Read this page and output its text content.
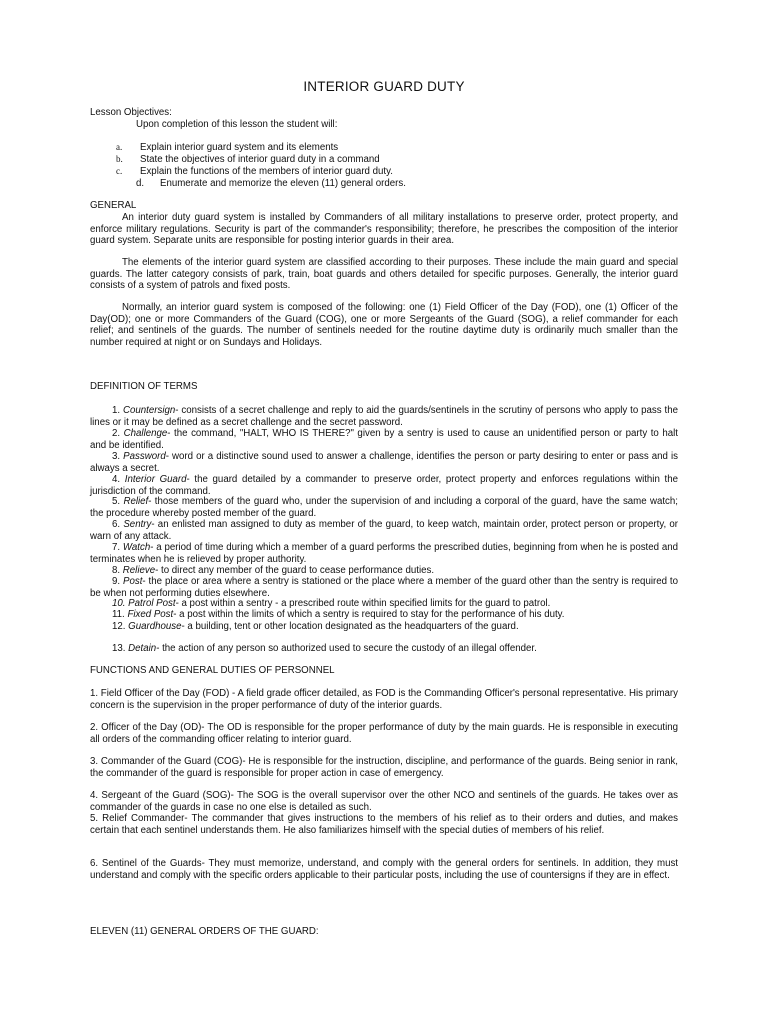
INTERIOR GUARD DUTY
Lesson Objectives:
Upon completion of this lesson the student will:
a. Explain interior guard system and its elements
b. State the objectives of interior guard duty in a command
c. Explain the functions of the members of interior guard duty.
d. Enumerate and memorize the eleven (11) general orders.
GENERAL

An interior duty guard system is installed by Commanders of all military installations to preserve order, protect property, and enforce military regulations. Security is part of the commander's responsibility; therefore, he prescribes the composition of the interior guard system. Separate units are responsible for posting interior guards in their area.

The elements of the interior guard system are classified according to their purposes. These include the main guard and special guards. The latter category consists of park, train, boat guards and others detailed for specific purposes. Generally, the interior guard consists of a system of patrols and fixed posts.

Normally, an interior guard system is composed of the following: one (1) Field Officer of the Day (FOD), one (1) Officer of the Day(OD); one or more Commanders of the Guard (COG), one or more Sergeants of the Guard (SOG), a relief commander for each relief; and sentinels of the guards. The number of sentinels needed for the routine daytime duty is ordinarily much smaller than the number required at night or on Sundays and Holidays.

DEFINITION OF TERMS

1. Countersign- consists of a secret challenge and reply to aid the guards/sentinels in the scrutiny of persons who apply to pass the lines or it may be defined as a secret challenge and the secret password.

2. Challenge- the command, "HALT, WHO IS THERE?" given by a sentry is used to cause an unidentified person or party to halt and be identified.

3. Password- word or a distinctive sound used to answer a challenge, identifies the person or party desiring to enter or pass and is always a secret.

4. Interior Guard- the guard detailed by a commander to preserve order, protect property and enforces regulations within the jurisdiction of the command.

5. Relief- those members of the guard who, under the supervision of and including a corporal of the guard, have the same watch; the procedure whereby posted member of the guard.

6. Sentry- an enlisted man assigned to duty as member of the guard, to keep watch, maintain order, protect person or property, or warn of any attack.

7. Watch- a period of time during which a member of a guard performs the prescribed duties, beginning from when he is posted and terminates when he is relieved by proper authority.

8. Relieve- to direct any member of the guard to cease performance duties.

9. Post- the place or area where a sentry is stationed or the place where a member of the guard other than the sentry is required to be when not performing duties elsewhere.

10. Patrol Post- a post within a sentry - a prescribed route within specified limits for the guard to patrol.

11. Fixed Post- a post within the limits of which a sentry is required to stay for the performance of his duty.

12. Guardhouse- a building, tent or other location designated as the headquarters of the guard.

13. Detain- the action of any person so authorized used to secure the custody of an illegal offender.

FUNCTIONS AND GENERAL DUTIES OF PERSONNEL

1. Field Officer of the Day (FOD) - A field grade officer detailed, as FOD is the Commanding Officer's personal representative. His primary concern is the supervision in the proper performance of duty of the interior guards.

2. Officer of the Day (OD)- The OD is responsible for the proper performance of duty by the main guards. He is responsible in executing all orders of the commanding officer relating to interior guard.

3. Commander of the Guard (COG)- He is responsible for the instruction, discipline, and performance of the guards. Being senior in rank, the commander of the guard is responsible for proper action in case of emergency.

4. Sergeant of the Guard (SOG)- The SOG is the overall supervisor over the other NCO and sentinels of the guards. He takes over as commander of the guards in case no one else is detailed as such.

5. Relief Commander- The commander that gives instructions to the members of his relief as to their orders and duties, and makes certain that each sentinel understands them. He also familiarizes himself with the special duties of members of his relief.

6. Sentinel of the Guards- They must memorize, understand, and comply with the general orders for sentinels. In addition, they must understand and comply with the specific orders applicable to their particular posts, including the use of countersigns if they are in effect.

ELEVEN (11) GENERAL ORDERS OF THE GUARD:
